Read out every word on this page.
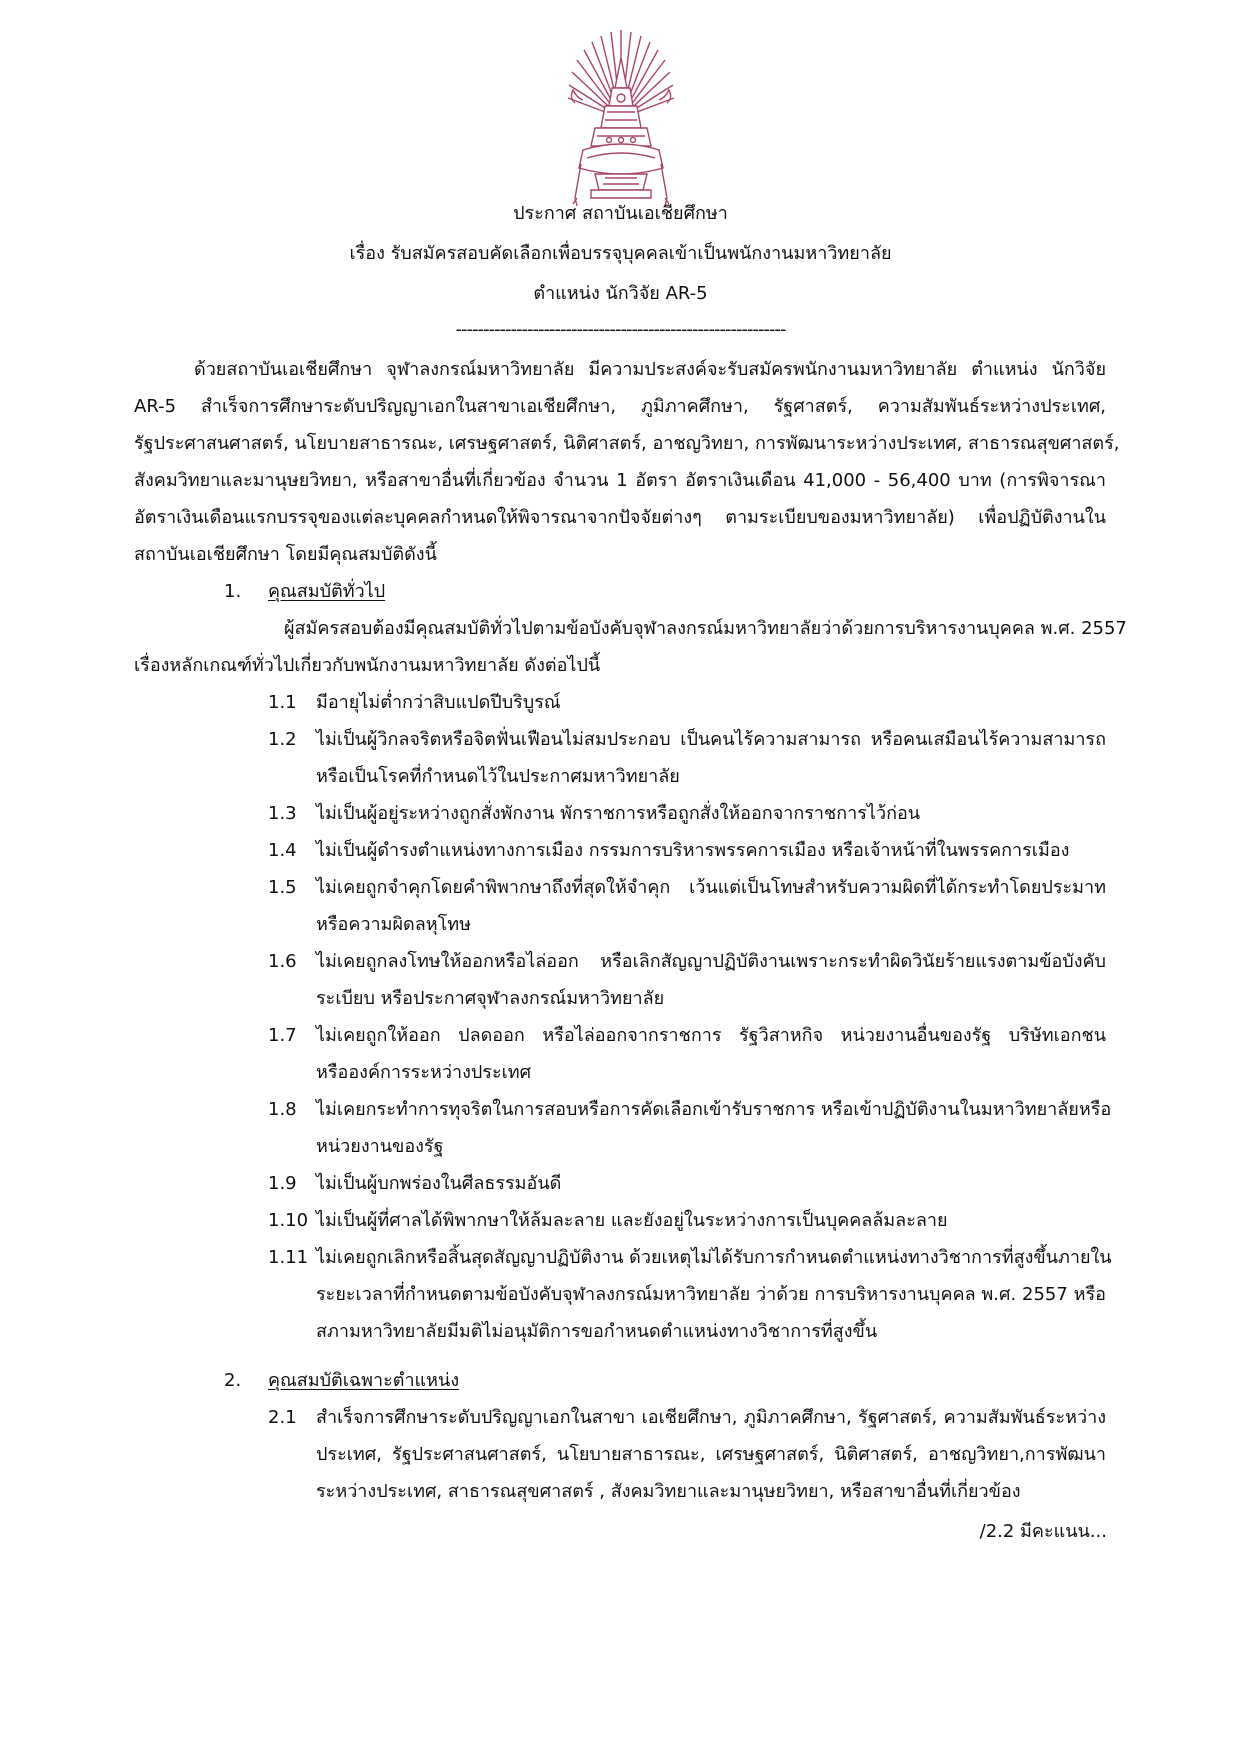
ประกาศ สถาบันเอเชียศึกษา
เรื่อง รับสมัครสอบคัดเลือกเพื่อบรรจุบุคคลเข้าเป็นพนักงานมหาวิทยาลัย
ตำแหน่ง นักวิจัย AR-5
------------------------------------------------------------
ด้วยสถาบันเอเชียศึกษา จุฬาลงกรณ์มหาวิทยาลัย มีความประสงค์จะรับสมัครพนักงานมหาวิทยาลัย ตำแหน่ง นักวิจัย
AR-5 สำเร็จการศึกษาระดับปริญญาเอกในสาขาเอเชียศึกษา, ภูมิภาคศึกษา, รัฐศาสตร์, ความสัมพันธ์ระหว่างประเทศ,
รัฐประศาสนศาสตร์, นโยบายสาธารณะ, เศรษฐศาสตร์, นิติศาสตร์, อาชญวิทยา, การพัฒนาระหว่างประเทศ, สาธารณสุขศาสตร์,
สังคมวิทยาและมานุษยวิทยา, หรือสาขาอื่นที่เกี่ยวข้อง จำนวน 1 อัตรา อัตราเงินเดือน 41,000 - 56,400 บาท (การพิจารณา
อัตราเงินเดือนแรกบรรจุของแต่ละบุคคลกำหนดให้พิจารณาจากปัจจัยต่างๆ ตามระเบียบของมหาวิทยาลัย) เพื่อปฏิบัติงานใน
สถาบันเอเชียศึกษา โดยมีคุณสมบัติดังนี้
1. คุณสมบัติทั่วไป
ผู้สมัครสอบต้องมีคุณสมบัติทั่วไปตามข้อบังคับจุฬาลงกรณ์มหาวิทยาลัยว่าด้วยการบริหารงานบุคคล พ.ศ. 2557
เรื่องหลักเกณฑ์ทั่วไปเกี่ยวกับพนักงานมหาวิทยาลัย ดังต่อไปนี้
1.1 มีอายุไม่ต่ำกว่าสิบแปดปีบริบูรณ์
1.2 ไม่เป็นผู้วิกลจริตหรือจิตฟั่นเฟือนไม่สมประกอบ เป็นคนไร้ความสามารถ หรือคนเสมือนไร้ความสามารถ
หรือเป็นโรคที่กำหนดไว้ในประกาศมหาวิทยาลัย
1.3 ไม่เป็นผู้อยู่ระหว่างถูกสั่งพักงาน พักราชการหรือถูกสั่งให้ออกจากราชการไว้ก่อน
1.4 ไม่เป็นผู้ดำรงตำแหน่งทางการเมือง กรรมการบริหารพรรคการเมือง หรือเจ้าหน้าที่ในพรรคการเมือง
1.5 ไม่เคยถูกจำคุกโดยคำพิพากษาถึงที่สุดให้จำคุก เว้นแต่เป็นโทษสำหรับความผิดที่ได้กระทำโดยประมาท
หรือความผิดลหุโทษ
1.6 ไม่เคยถูกลงโทษให้ออกหรือไล่ออก หรือเลิกสัญญาปฏิบัติงานเพราะกระทำผิดวินัยร้ายแรงตามข้อบังคับ
ระเบียบ หรือประกาศจุฬาลงกรณ์มหาวิทยาลัย
1.7 ไม่เคยถูกให้ออก ปลดออก หรือไล่ออกจากราชการ รัฐวิสาหกิจ หน่วยงานอื่นของรัฐ บริษัทเอกชน
หรือองค์การระหว่างประเทศ
1.8 ไม่เคยกระทำการทุจริตในการสอบหรือการคัดเลือกเข้ารับราชการ หรือเข้าปฏิบัติงานในมหาวิทยาลัยหรือ
หน่วยงานของรัฐ
1.9 ไม่เป็นผู้บกพร่องในศีลธรรมอันดี
1.10 ไม่เป็นผู้ที่ศาลได้พิพากษาให้ล้มละลาย และยังอยู่ในระหว่างการเป็นบุคคลล้มละลาย
1.11 ไม่เคยถูกเลิกหรือสิ้นสุดสัญญาปฏิบัติงาน ด้วยเหตุไม่ได้รับการกำหนดตำแหน่งทางวิชาการที่สูงขึ้นภายใน
ระยะเวลาที่กำหนดตามข้อบังคับจุฬาลงกรณ์มหาวิทยาลัย ว่าด้วย การบริหารงานบุคคล พ.ศ. 2557 หรือ
สภามหาวิทยาลัยมีมติไม่อนุมัติการขอกำหนดตำแหน่งทางวิชาการที่สูงขึ้น
2. คุณสมบัติเฉพาะตำแหน่ง
2.1 สำเร็จการศึกษาระดับปริญญาเอกในสาขา เอเชียศึกษา, ภูมิภาคศึกษา, รัฐศาสตร์, ความสัมพันธ์ระหว่าง
ประเทศ, รัฐประศาสนศาสตร์, นโยบายสาธารณะ, เศรษฐศาสตร์, นิติศาสตร์, อาชญวิทยา,การพัฒนา
ระหว่างประเทศ, สาธารณสุขศาสตร์ , สังคมวิทยาและมานุษยวิทยา, หรือสาขาอื่นที่เกี่ยวข้อง
/2.2 มีคะแนน...
